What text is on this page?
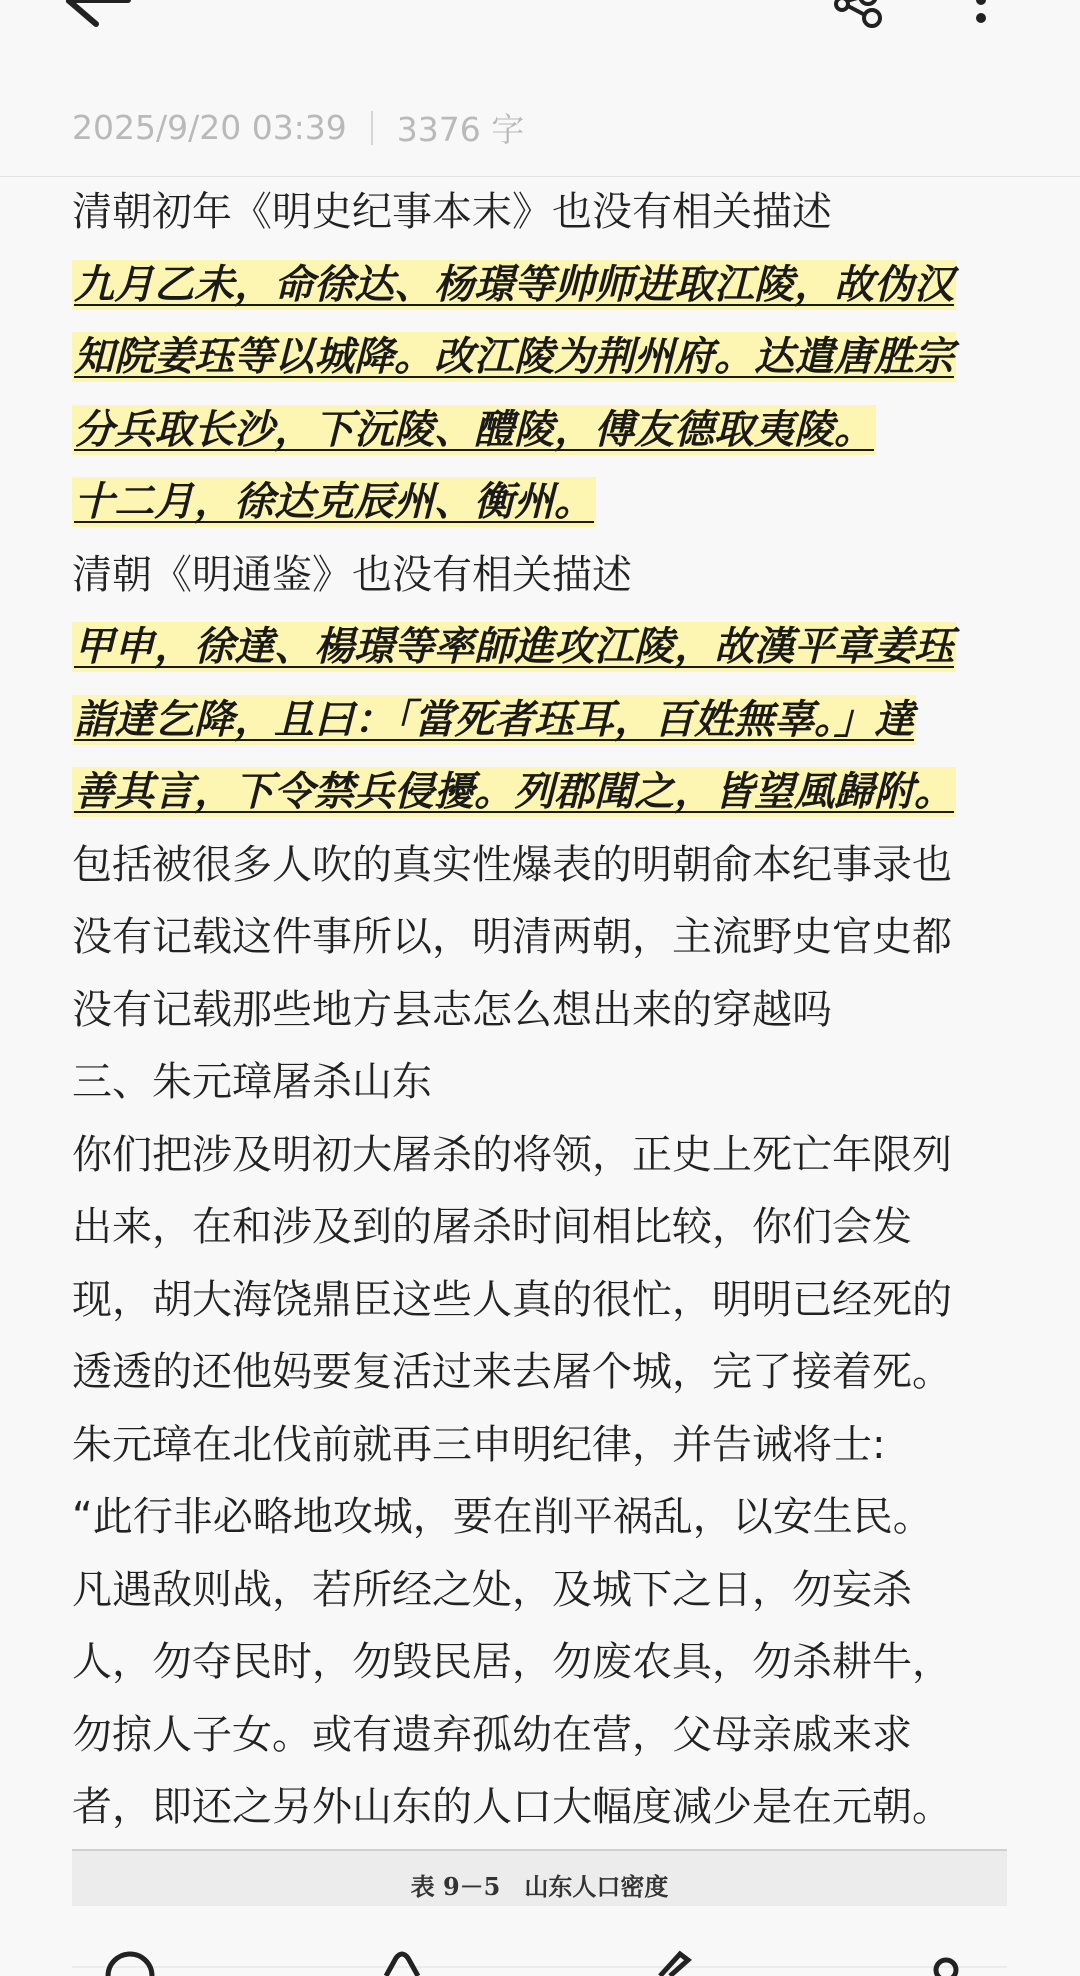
2025/9/20 03:39 3376 字
清朝初年《明史纪事本末》也没有相关描述
九月乙未，命徐达、杨璟等帅师进取江陵，故伪汉
知院姜珏等以城降。改江陵为荆州府。达遣唐胜宗
分兵取长沙，下沅陵、醴陵，傅友德取夷陵。
十二月，徐达克辰州、衡州。
清朝《明通鉴》也没有相关描述
甲申，徐達、楊璟等率師進攻江陵，故漢平章姜珏
詣達乞降，且曰：「當死者珏耳，百姓無辜。」達
善其言，下令禁兵侵擾。列郡聞之，皆望風歸附。
包括被很多人吹的真实性爆表的明朝俞本纪事录也
没有记载这件事所以，明清两朝，主流野史官史都
没有记载那些地方县志怎么想出来的穿越吗
三、朱元璋屠杀山东
你们把涉及明初大屠杀的将领，正史上死亡年限列
出来，在和涉及到的屠杀时间相比较，你们会发
现，胡大海饶鼎臣这些人真的很忙，明明已经死的
透透的还他妈要复活过来去屠个城，完了接着死。
朱元璋在北伐前就再三申明纪律，并告诫将士:
“此行非必略地攻城，要在削平祸乱，以安生民。
凡遇敌则战，若所经之处，及城下之日，勿妄杀
人，勿夺民时，勿毁民居，勿废农具，勿杀耕牛，
勿掠人子女。或有遗弃孤幼在营，父母亲戚来求
者，即还之另外山东的人口大幅度减少是在元朝。
表 9－5　山东人口密度
